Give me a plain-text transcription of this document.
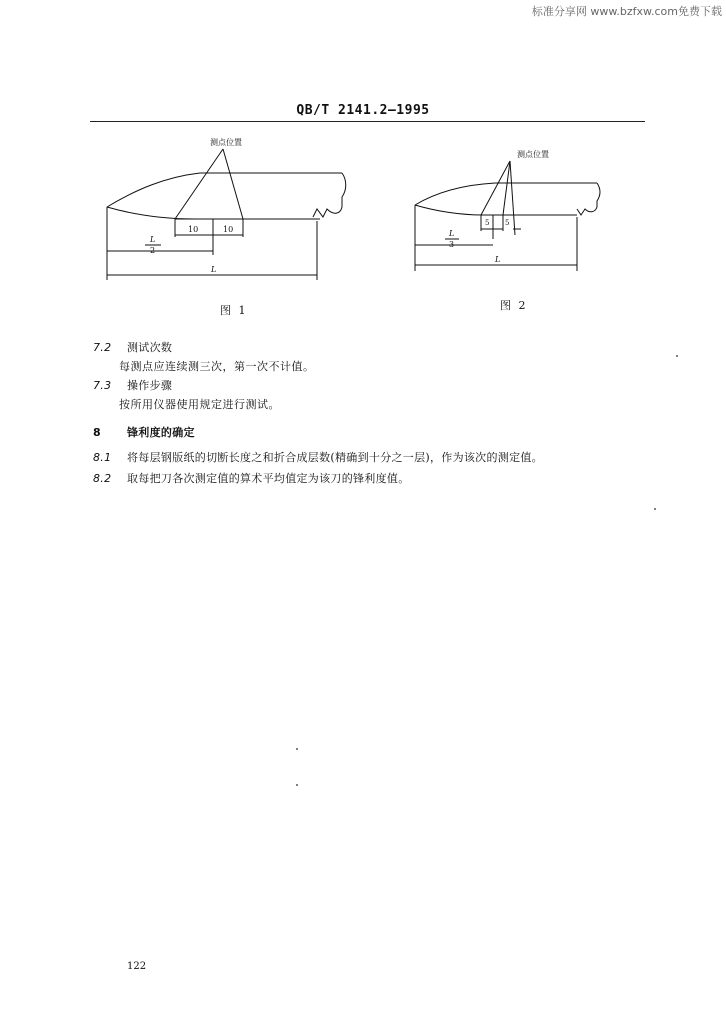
标准分享网 www.bzfxw.com免费下载
QB/T 2141.2—1995
测点位置
10	10
L
2
L
图 1
测点位置
5 5
L
3
L
图 2
7.2 测试次数
每测点应连续测三次，第一次不计值。
7.3 操作步骤
按所用仪器使用规定进行测试。
8 锋利度的确定
8.1 将每层钢版纸的切断长度之和折合成层数(精确到十分之一层)，作为该次的测定值。
8.2 取每把刀各次测定值的算术平均值定为该刀的锋利度值。
122
